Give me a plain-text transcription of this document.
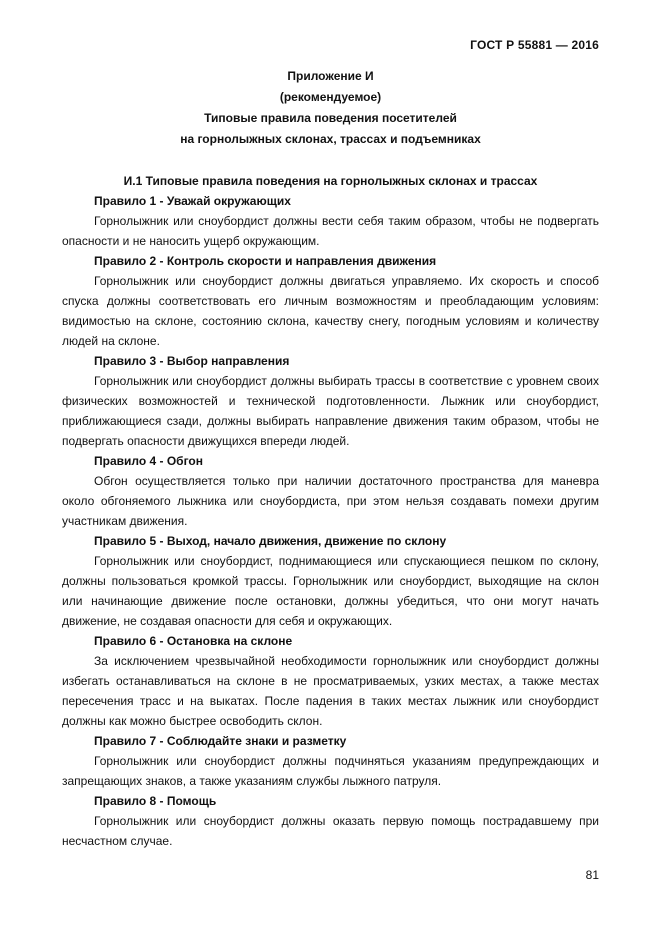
ГОСТ Р 55881 — 2016
Приложение И
(рекомендуемое)
Типовые правила поведения посетителей
на горнолыжных склонах, трассах и подъемниках

И.1 Типовые правила поведения на горнолыжных склонах и трассах

Правило 1 - Уважай окружающих

Горнолыжник или сноубордист должны вести себя таким образом, чтобы не подвергать опасности и не наносить ущерб окружающим.

Правило 2 - Контроль скорости и направления движения

Горнолыжник или сноубордист должны двигаться управляемо. Их скорость и способ спуска должны соответствовать его личным возможностям и преобладающим условиям: видимостью на склоне, состоянию склона, качеству снегу, погодным условиям и количеству людей на склоне.

Правило 3 - Выбор направления

Горнолыжник или сноубордист должны выбирать трассы в соответствие с уровнем своих физических возможностей и технической подготовленности. Лыжник или сноубордист, приближающиеся сзади, должны выбирать направление движения таким образом, чтобы не подвергать опасности движущихся впереди людей.

Правило 4 - Обгон

Обгон осуществляется только при наличии достаточного пространства для маневра около обгоняемого лыжника или сноубордиста, при этом нельзя создавать помехи другим участникам движения.

Правило 5 - Выход, начало движения, движение по склону

Горнолыжник или сноубордист, поднимающиеся или спускающиеся пешком по склону, должны пользоваться кромкой трассы. Горнолыжник или сноубордист, выходящие на склон или начинающие движение после остановки, должны убедиться, что они могут начать движение, не создавая опасности для себя и окружающих.

Правило 6 - Остановка на склоне

За исключением чрезвычайной необходимости горнолыжник или сноубордист должны избегать останавливаться на склоне в не просматриваемых, узких местах, а также местах пересечения трасс и на выкатах. После падения в таких местах лыжник или сноубордист должны как можно быстрее освободить склон.

Правило 7 - Соблюдайте знаки и разметку

Горнолыжник или сноубордист должны подчиняться указаниям предупреждающих и запрещающих знаков, а также указаниям службы лыжного патруля.

Правило 8 - Помощь

Горнолыжник или сноубордист должны оказать первую помощь пострадавшему при несчастном случае.

81
